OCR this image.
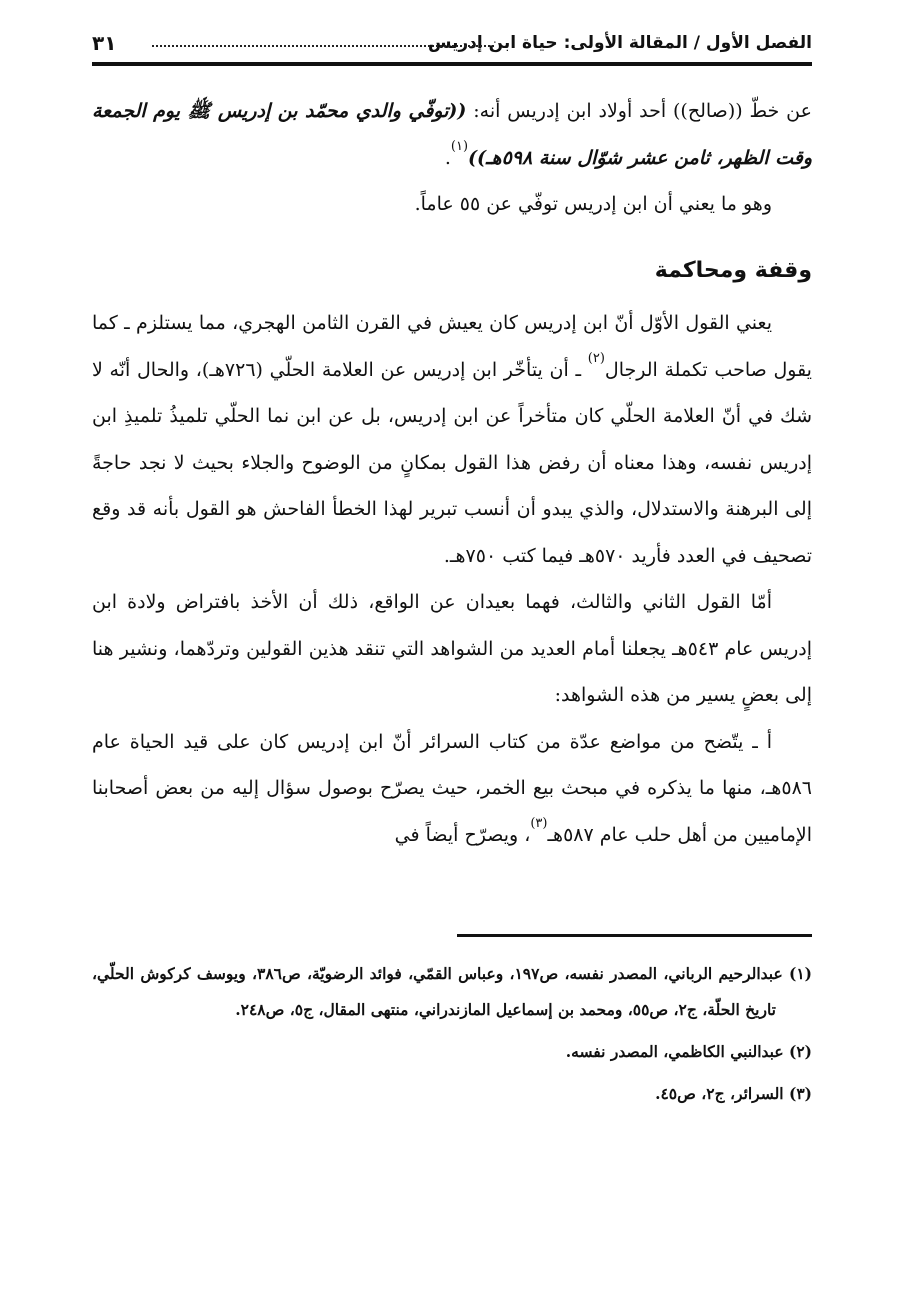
الفصل الأول / المقالة الأولى: حياة ابن إدريس
٣١

عن خطّ ((صالح)) أحد أولاد ابن إدريس أنه: ((توفّي والدي محمّد بن إدريس ﷺ يوم الجمعة وقت الظهر، ثامن عشر شوّال سنة ٥٩٨هـ))$^{(١)}$.

وهو ما يعني أن ابن إدريس توفّي عن ٥٥ عاماً.

وقفة ومحاكمة

يعني القول الأوّل أنّ ابن إدريس كان يعيش في القرن الثامن الهجري، مما يستلزم ـ كما يقول صاحب تكملة الرجال$^{(٢)}$ ـ أن يتأخّر ابن إدريس عن العلامة الحلّي (٧٢٦هـ)، والحال أنّه لا شك في أنّ العلامة الحلّي كان متأخراً عن ابن إدريس، بل عن ابن نما الحلّي تلميذُ تلميذِ ابن إدريس نفسه، وهذا معناه أن رفض هذا القول بمكانٍ من الوضوح والجلاء بحيث لا نجد حاجةً إلى البرهنة والاستدلال، والذي يبدو أن أنسب تبرير لهذا الخطأ الفاحش هو القول بأنه قد وقع تصحيف في العدد فأريد ٥٧٠هـ فيما كتب ٧٥٠هـ.

أمّا القول الثاني والثالث، فهما بعيدان عن الواقع، ذلك أن الأخذ بافتراض ولادة ابن إدريس عام ٥٤٣هـ يجعلنا أمام العديد من الشواهد التي تنقد هذين القولين وتردّهما، ونشير هنا إلى بعضٍ يسير من هذه الشواهد:

أ ـ يتّضح من مواضع عدّة من كتاب السرائر أنّ ابن إدريس كان على قيد الحياة عام ٥٨٦هـ، منها ما يذكره في مبحث بيع الخمر، حيث يصرّح بوصول سؤال إليه من بعض أصحابنا الإماميين من أهل حلب عام ٥٨٧هـ$^{(٣)}$، ويصرّح أيضاً في

(١) عبدالرحيم الرباني، المصدر نفسه، ص١٩٧، وعباس القمّي، فوائد الرضويّة، ص٣٨٦، ويوسف كركوش الحلّي، تاريخ الحلّة، ج٢، ص٥٥، ومحمد بن إسماعيل المازندراني، منتهى المقال، ج٥، ص٢٤٨.

(٢) عبدالنبي الكاظمي، المصدر نفسه.

(٣) السرائر، ج٢، ص٤٥.
